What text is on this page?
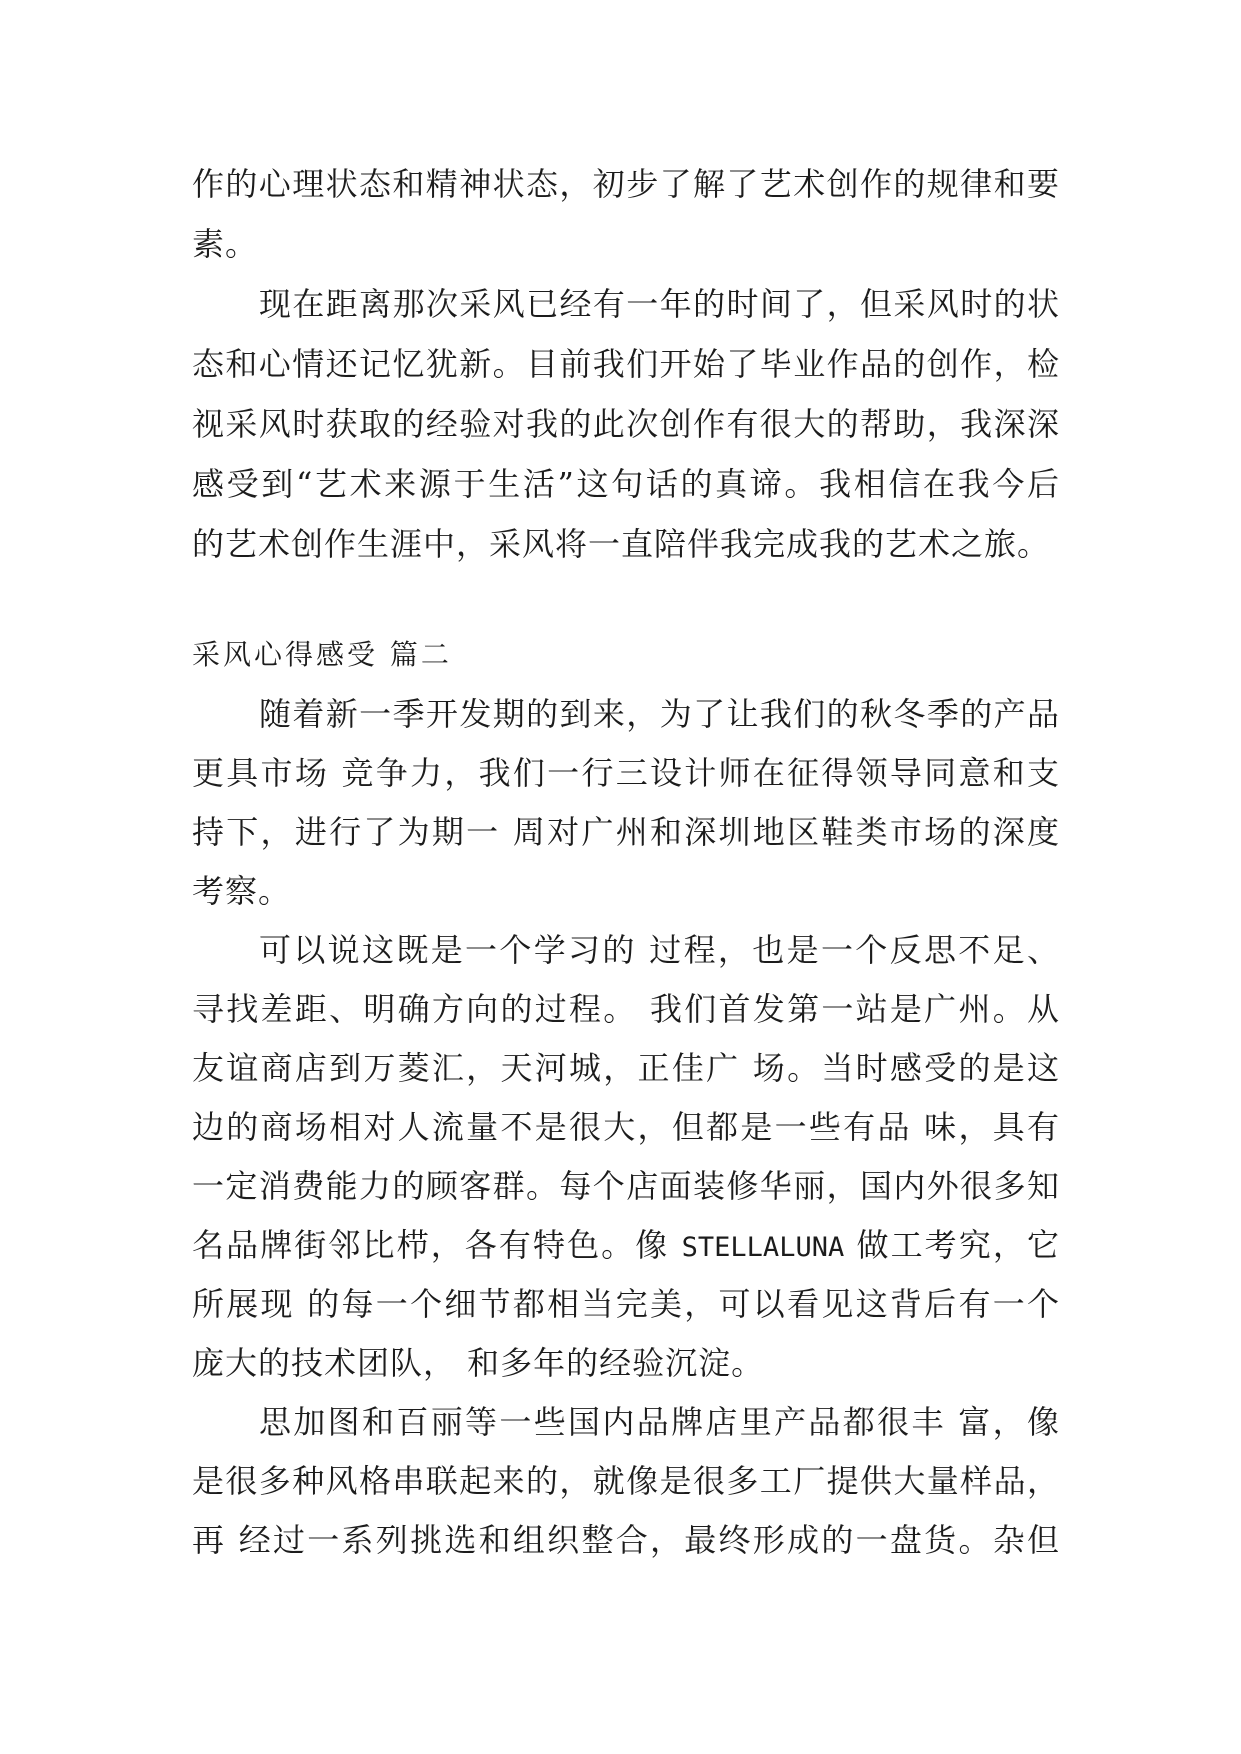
作的心理状态和精神状态，初步了解了艺术创作的规律和要
素。
现在距离那次采风已经有一年的时间了，但采风时的状
态和心情还记忆犹新。目前我们开始了毕业作品的创作，检
视采风时获取的经验对我的此次创作有很大的帮助，我深深
感受到“艺术来源于生活”这句话的真谛。我相信在我今后
的艺术创作生涯中，采风将一直陪伴我完成我的艺术之旅。
采风心得感受 篇二
随着新一季开发期的到来，为了让我们的秋冬季的产品
更具市场 竞争力，我们一行三设计师在征得领导同意和支
持下，进行了为期一 周对广州和深圳地区鞋类市场的深度
考察。
可以说这既是一个学习的 过程，也是一个反思不足、
寻找差距、明确方向的过程。 我们首发第一站是广州。从
友谊商店到万菱汇，天河城，正佳广 场。当时感受的是这
边的商场相对人流量不是很大，但都是一些有品 味，具有
一定消费能力的顾客群。每个店面装修华丽，国内外很多知
名品牌街邻比栉，各有特色。像 STELLALUNA 做工考究，它
所展现 的每一个细节都相当完美，可以看见这背后有一个
庞大的技术团队， 和多年的经验沉淀。
思加图和百丽等一些国内品牌店里产品都很丰 富，像
是很多种风格串联起来的，就像是很多工厂提供大量样品，
再 经过一系列挑选和组织整合，最终形成的一盘货。杂但
